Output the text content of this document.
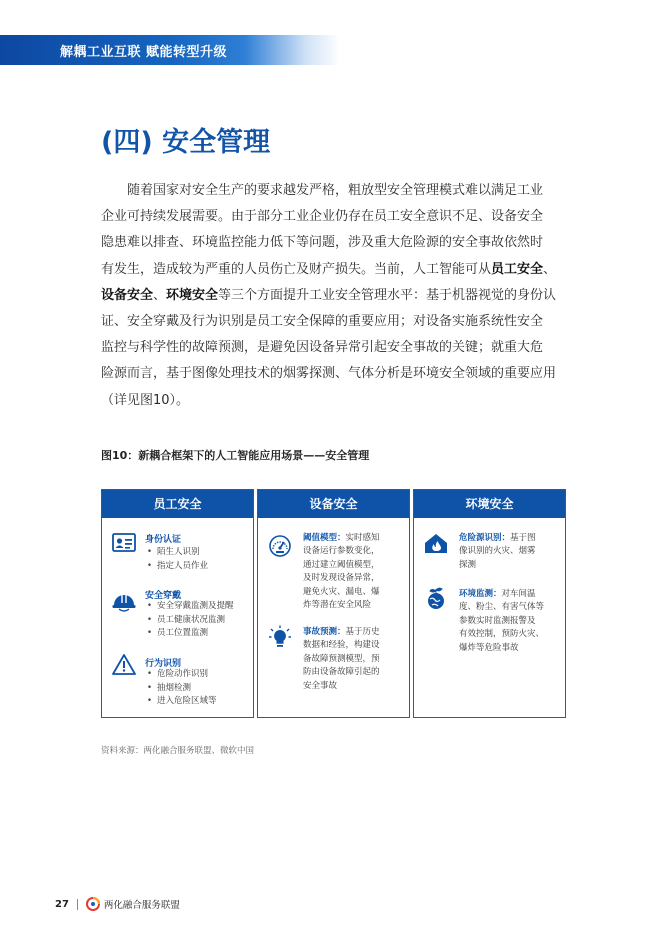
解耦工业互联 赋能转型升级
(四) 安全管理
随着国家对安全生产的要求越发严格，粗放型安全管理模式难以满足工业
企业可持续发展需要。由于部分工业企业仍存在员工安全意识不足、设备安全
隐患难以排查、环境监控能力低下等问题，涉及重大危险源的安全事故依然时
有发生，造成较为严重的人员伤亡及财产损失。当前，人工智能可从员工安全、
设备安全、环境安全等三个方面提升工业安全管理水平：基于机器视觉的身份认
证、安全穿戴及行为识别是员工安全保障的重要应用；对设备实施系统性安全
监控与科学性的故障预测，是避免因设备异常引起安全事故的关键；就重大危
险源而言，基于图像处理技术的烟雾探测、气体分析是环境安全领域的重要应用
（详见图10）。
图10：新耦合框架下的人工智能应用场景——安全管理
员工安全
身份认证
• 陌生人识别
• 指定人员作业
安全穿戴
• 安全穿戴监测及提醒
• 员工健康状况监测
• 员工位置监测
行为识别
• 危险动作识别
• 抽烟检测
• 进入危险区域等
设备安全
阈值模型：实时感知
设备运行参数变化，
通过建立阈值模型，
及时发现设备异常，
避免火灾、漏电、爆
炸等潜在安全风险
事故预测：基于历史
数据和经验，构建设
备故障预测模型，预
防由设备故障引起的
安全事故
环境安全
危险源识别：基于图
像识别的火灾、烟雾
探测
环境监测：对车间温
度、粉尘、有害气体等
参数实时监测报警及
有效控制，预防火灾、
爆炸等危险事故
资料来源：两化融合服务联盟、微软中国
27	两化融合服务联盟
